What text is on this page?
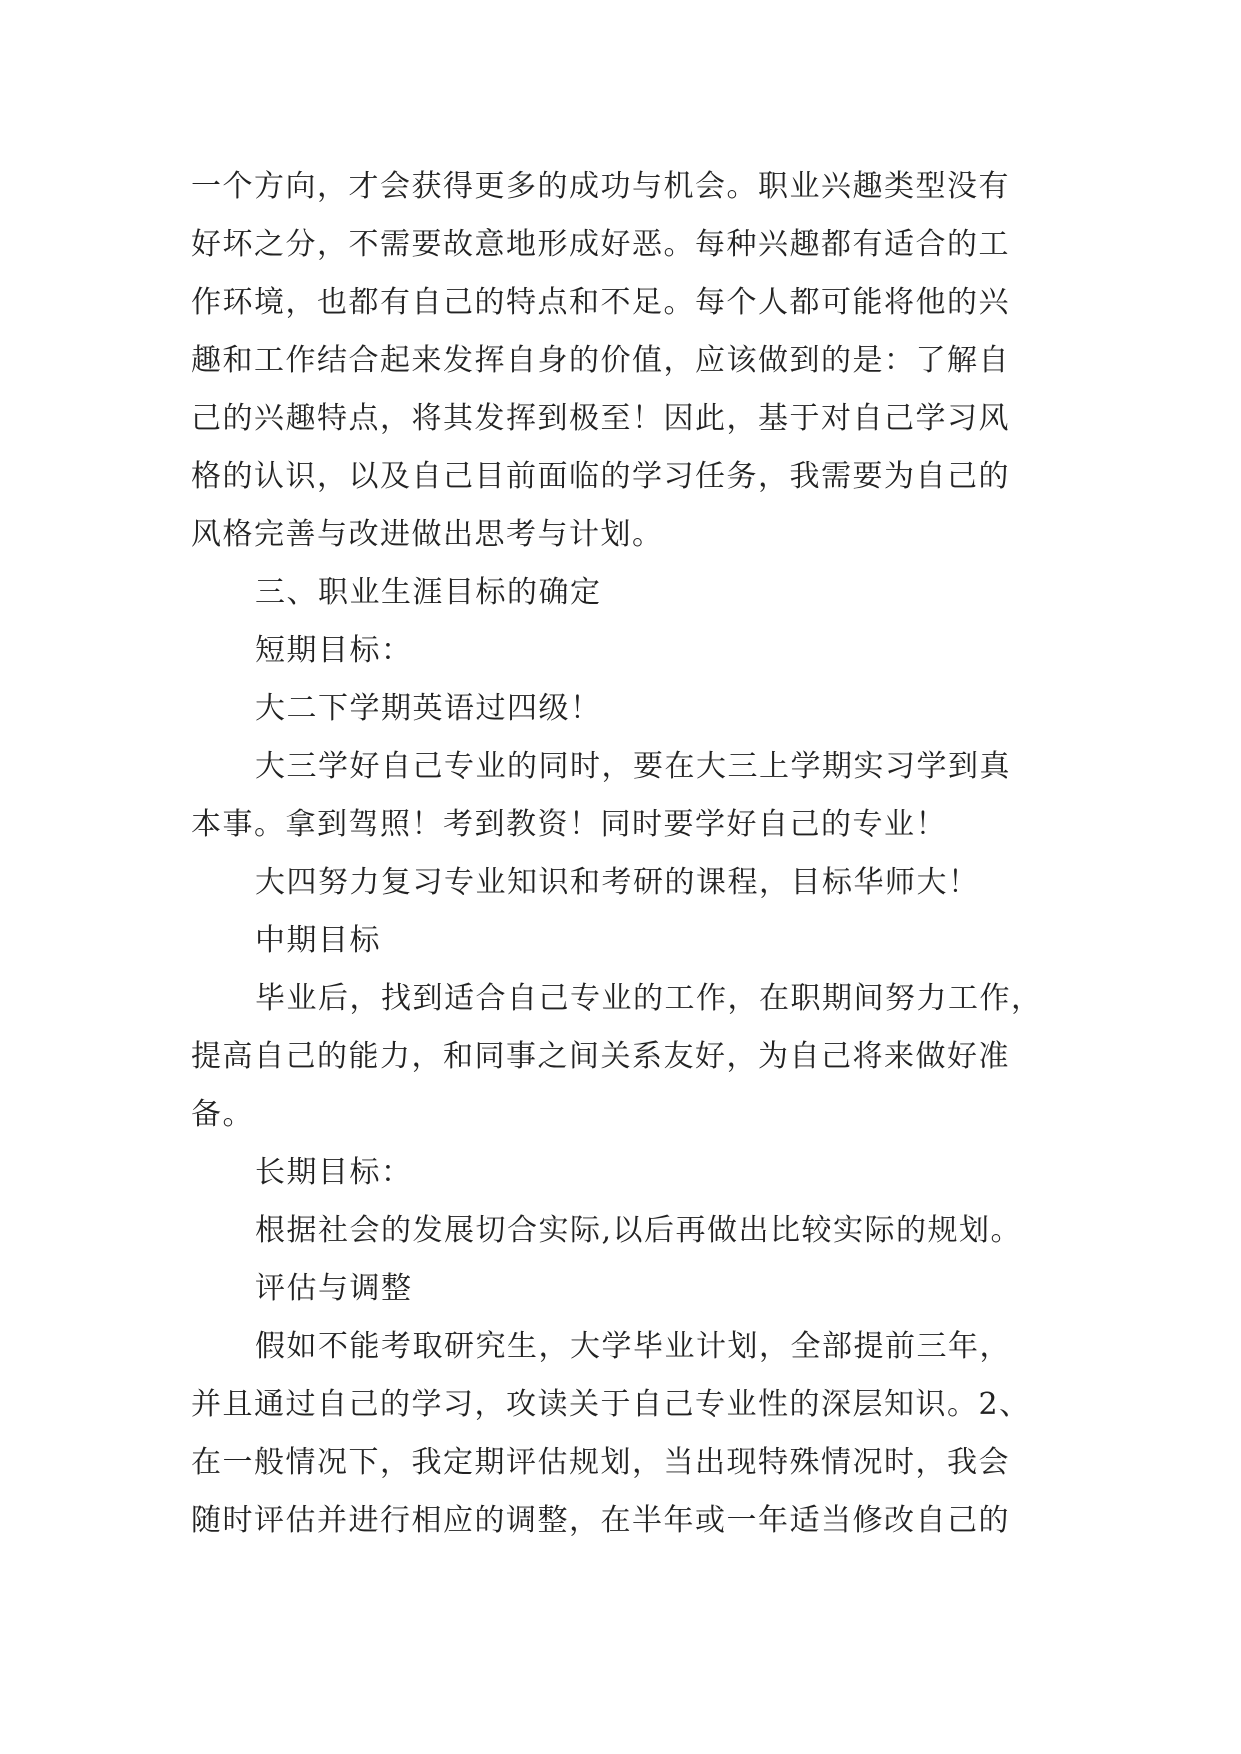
一个方向，才会获得更多的成功与机会。职业兴趣类型没有
好坏之分，不需要故意地形成好恶。每种兴趣都有适合的工
作环境，也都有自己的特点和不足。每个人都可能将他的兴
趣和工作结合起来发挥自身的价值，应该做到的是：了解自
己的兴趣特点，将其发挥到极至！因此，基于对自己学习风
格的认识，以及自己目前面临的学习任务，我需要为自己的
风格完善与改进做出思考与计划。
三、职业生涯目标的确定
短期目标：
大二下学期英语过四级！
大三学好自己专业的同时，要在大三上学期实习学到真
本事。拿到驾照！考到教资！同时要学好自己的专业！
大四努力复习专业知识和考研的课程，目标华师大！
中期目标
毕业后，找到适合自己专业的工作，在职期间努力工作，
提高自己的能力，和同事之间关系友好，为自己将来做好准
备。
长期目标：
根据社会的发展切合实际,以后再做出比较实际的规划。
评估与调整
假如不能考取研究生，大学毕业计划，全部提前三年，
并且通过自己的学习，攻读关于自己专业性的深层知识。2、
在一般情况下，我定期评估规划，当出现特殊情况时，我会
随时评估并进行相应的调整，在半年或一年适当修改自己的
